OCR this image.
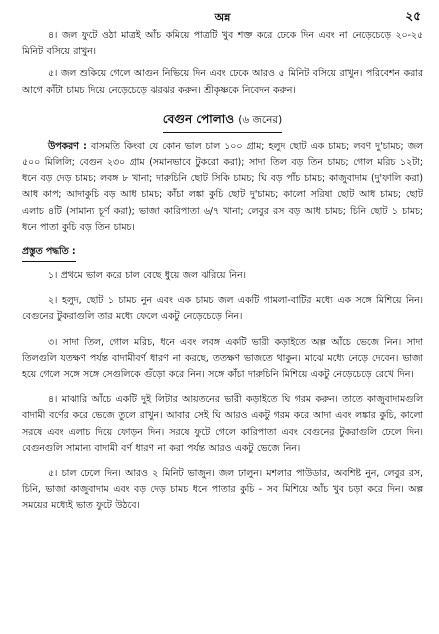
অন্ন	২৫

৪। জল ফুটে ওঠা মাত্রই আঁচ কমিয়ে পাত্রটি খুব শক্ত করে ঢেকে দিন এবং না নেড়েচেড়ে ২০-২৫ মিনিট বসিয়ে রাখুন।

৫। জল শুকিয়ে গেলে আগুন নিভিয়ে দিন এবং ঢেকে আরও ৫ মিনিট বসিয়ে রাখুন। পরিবেশন করার আগে কাঁটা চামচ দিয়ে নেড়েচেড়ে ঝরঝর করুন। শ্রীকৃষ্ণকে নিবেদন করুন।

বেগুন পোলাও (৬ জনের)

উপকরণ : বাসমতি কিংবা যে কোন ভাল চাল ১০০ গ্রাম; হলুদ ছোট এক চামচ; লবণ দু'চামচ; জল ৫০০ মিলিলি; বেগুন ২৩০ গ্রাম (সমানভাবে টুকরো করা); সাদা তিল বড় তিন চামচ; গোল মরিচ ১২টা; ধনে বড় দেড় চামচ; লবঙ্গ ৮ খানা; দারুচিনি ছোট সিকি চামচ; ঘি বড় পাঁচ চামচ; কাজুবাদাম (দু'ফালি করা) আধ কাপ; আদাকুচি বড় আধ চামচ; কাঁচা লঙ্কা কুচি ছোট দু'চামচ; কালো সরিষা ছোট আধ চামচ; ছোট এলাচ ৪টি (সামান্য চূর্ণ করা); ভাজা কারিপাতা ৬/৭ খানা; লেবুর রস বড় আধ চামচ; চিনি ছোট ১ চামচ; ধনে পাতা কুচি বড় তিন চামচ।

প্রস্তুত পদ্ধতি :

১। প্রথমে ভাল করে চাল বেছে ধুয়ে জল ঝরিয়ে নিন।

২। হলুদ, ছোট ১ চামচ নুন এবং এক চামচ জল একটি গামলা-বাটির মধ্যে এক সঙ্গে মিশিয়ে নিন। বেগুনের টুকরাগুলি তার মধ্যে ফেলে একটু নেড়েচেড়ে নিন।

৩। সাদা তিল, গোল মরিচ, ধনে এবং লবঙ্গ একটি ভারী কড়াইতে অল্প আঁচে ভেজে নিন। সাদা তিলগুলি যতক্ষণ পর্যন্ত বাদামীবর্ণ ধারণ না করছে, ততক্ষণ ভাজতে থাকুন। মাঝে মধ্যে নেড়ে দেবেন। ভাজা হয়ে গেলে সঙ্গে সঙ্গে সেগুলিকে গুঁড়ো করে নিন। সঙ্গে কাঁচা দারুচিনি মিশিয়ে একটু নেড়েচেড়ে রেখে দিন।

৪। মাঝারি আঁচে একটি দুই লিটার আয়তনের ভারী কড়াইতে ঘি গরম করুন। তাতে কাজুবাদামগুলি বাদামী বর্ণের করে ভেজে তুলে রাখুন। আবার সেই ঘি আরও একটু গরম করে আদা এবং লঙ্কার কুচি, কালো সরষে এবং এলাচ দিয়ে ফোড়ন দিন। সরষে ফুটে গেলে কারিপাতা এবং বেগুনের টুকরাগুলি ঢেলে দিন। বেগুনগুলি সামান্য বাদামী বর্ণ ধারণ না করা পর্যন্ত আরও একটু ভেজে নিন।

৫। চাল ঢেলে দিন। আরও ২ মিনিট ভাজুন। জল ঢালুন। মশলার পাউডার, অবশিষ্ট নুন, লেবুর রস, চিনি, ভাজা কাজুবাদাম এবং বড় দেড় চামচ ধনে পাতার কুচি - সব মিশিয়ে আঁচ খুব চড়া করে দিন। অল্প সময়ের মধ্যেই ভাত ফুটে উঠবে।
